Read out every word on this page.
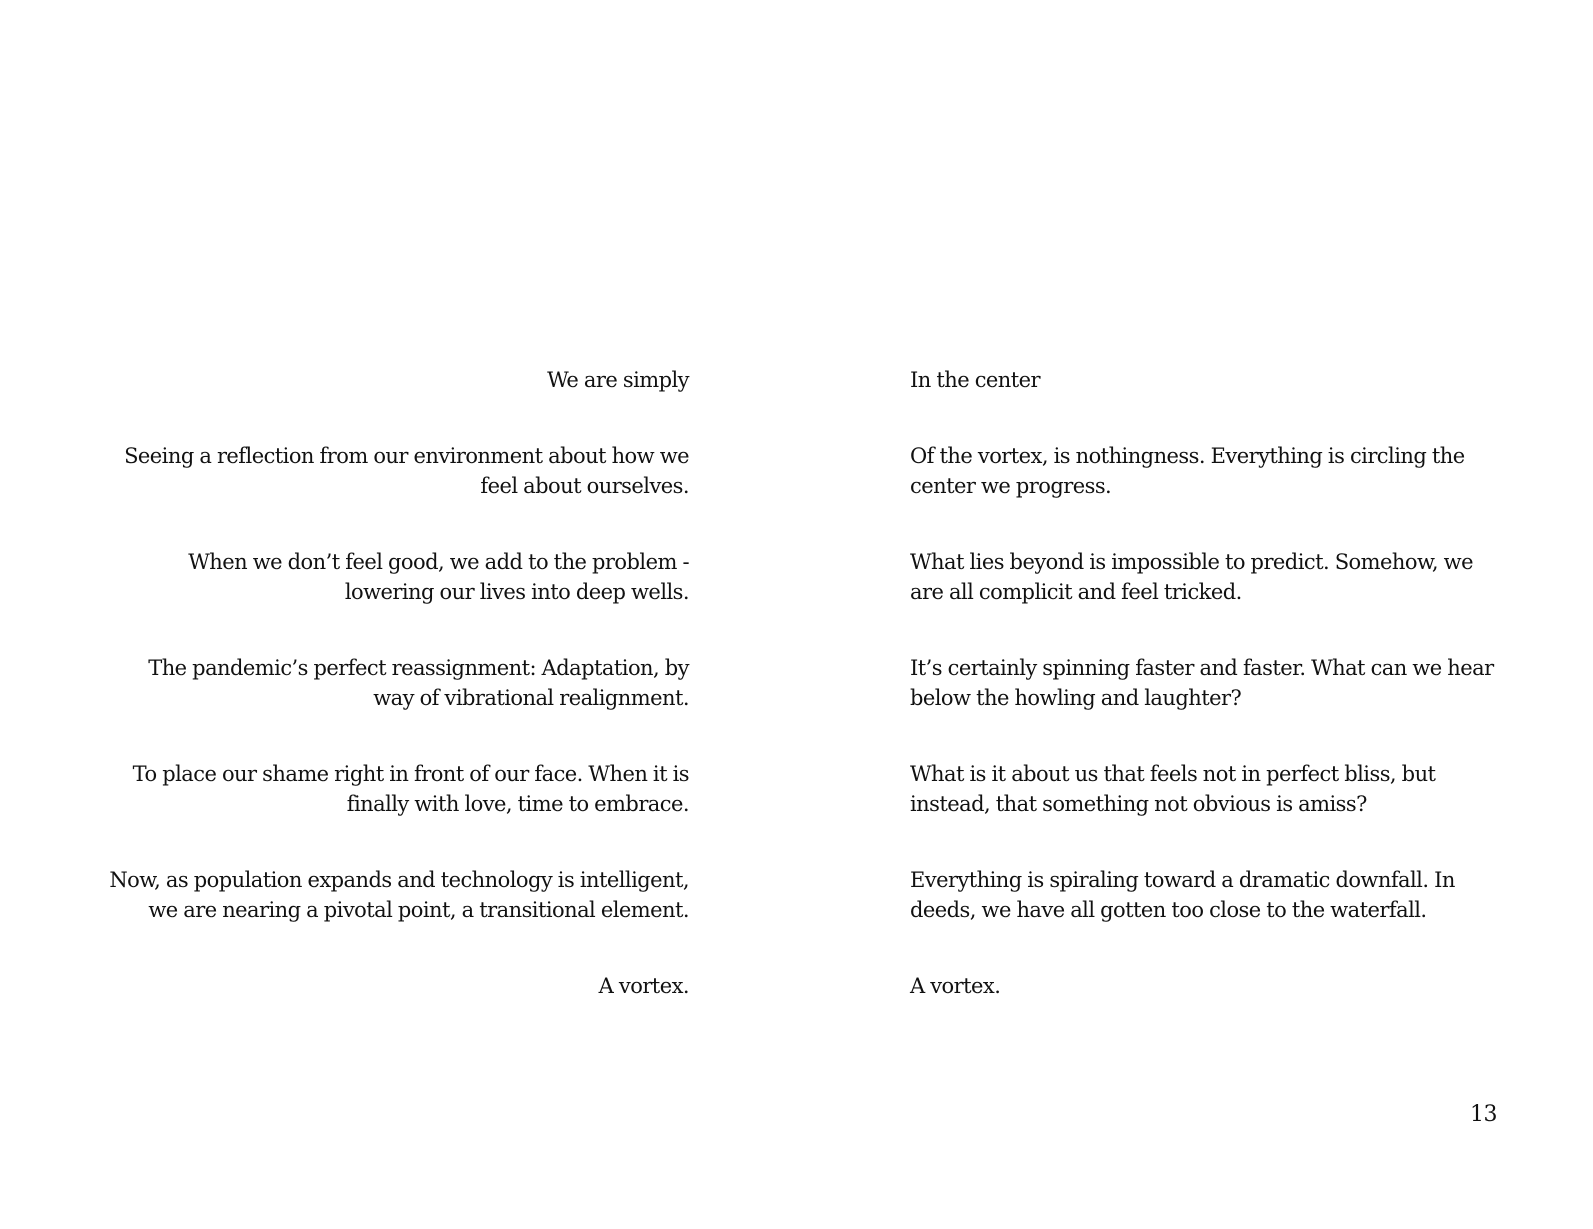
We are simply

Seeing a reflection from our environment about how we feel about ourselves.

When we don’t feel good, we add to the problem - lowering our lives into deep wells.

The pandemic’s perfect reassignment: Adaptation, by way of vibrational realignment.

To place our shame right in front of our face. When it is finally with love, time to embrace.

Now, as population expands and technology is intelligent, we are nearing a pivotal point, a transitional element.

A vortex.

In the center

Of the vortex, is nothingness. Everything is circling the center we progress.

What lies beyond is impossible to predict. Somehow, we are all complicit and feel tricked.

It’s certainly spinning faster and faster. What can we hear below the howling and laughter?

What is it about us that feels not in perfect bliss, but instead, that something not obvious is amiss?

Everything is spiraling toward a dramatic downfall. In deeds, we have all gotten too close to the waterfall.

A vortex.

13
